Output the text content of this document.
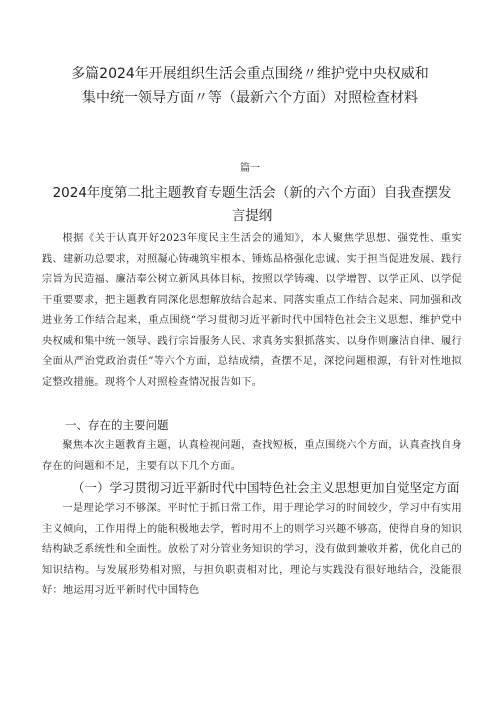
多篇2024年开展组织生活会重点围绕〃维护党中央权威和集中统一领导方面〃等（最新六个方面）对照检查材料
篇一
2024年度第二批主题教育专题生活会（新的六个方面）自我查摆发言提纲

根据《关于认真开好2023年度民主生活会的通知》，本人聚焦学思想、强党性、重实践、建新功总要求，对照凝心铸魂筑牢根本、锤炼品格强化忠诚、实于担当促进发展、践行宗旨为民造福、廉洁奉公树立新风具体目标，按照以学铸魂、以学增智、以学正风、以学促干重要要求，把主题教育同深化思想解放结合起来、同落实重点工作结合起来、同加强和改进业务工作结合起来，重点围绕“学习贯彻习近平新时代中国特色社会主义思想、维护党中央权威和集中统一领导、践行宗旨服务人民、求真务实狠抓落实、以身作则廉洁自律、履行全面从严治党政治责任”等六个方面，总结成绩，查摆不足，深挖问题根源，有针对性地拟定整改措施。现将个人对照检查情况报告如下。

一、存在的主要问题

聚焦本次主题教育主题，认真检视问题，查找短板，重点围绕六个方面，认真查找自身存在的问题和不足，主要有以下几个方面。

（一）学习贯彻习近平新时代中国特色社会主义思想更加自觉坚定方面

一是理论学习不够深。平时忙于抓日常工作，用于理论学习的时间较少，学习中有实用主义倾向，工作用得上的能积极地去学，暂时用不上的则学习兴趣不够高，使得自身的知识结构缺乏系统性和全面性。放松了对分管业务知识的学习，没有做到兼收并蓄，优化自己的知识结构。与发展形势相对照，与担负职责相对比，理论与实践没有很好地结合，没能很好：地运用习近平新时代中国特色
